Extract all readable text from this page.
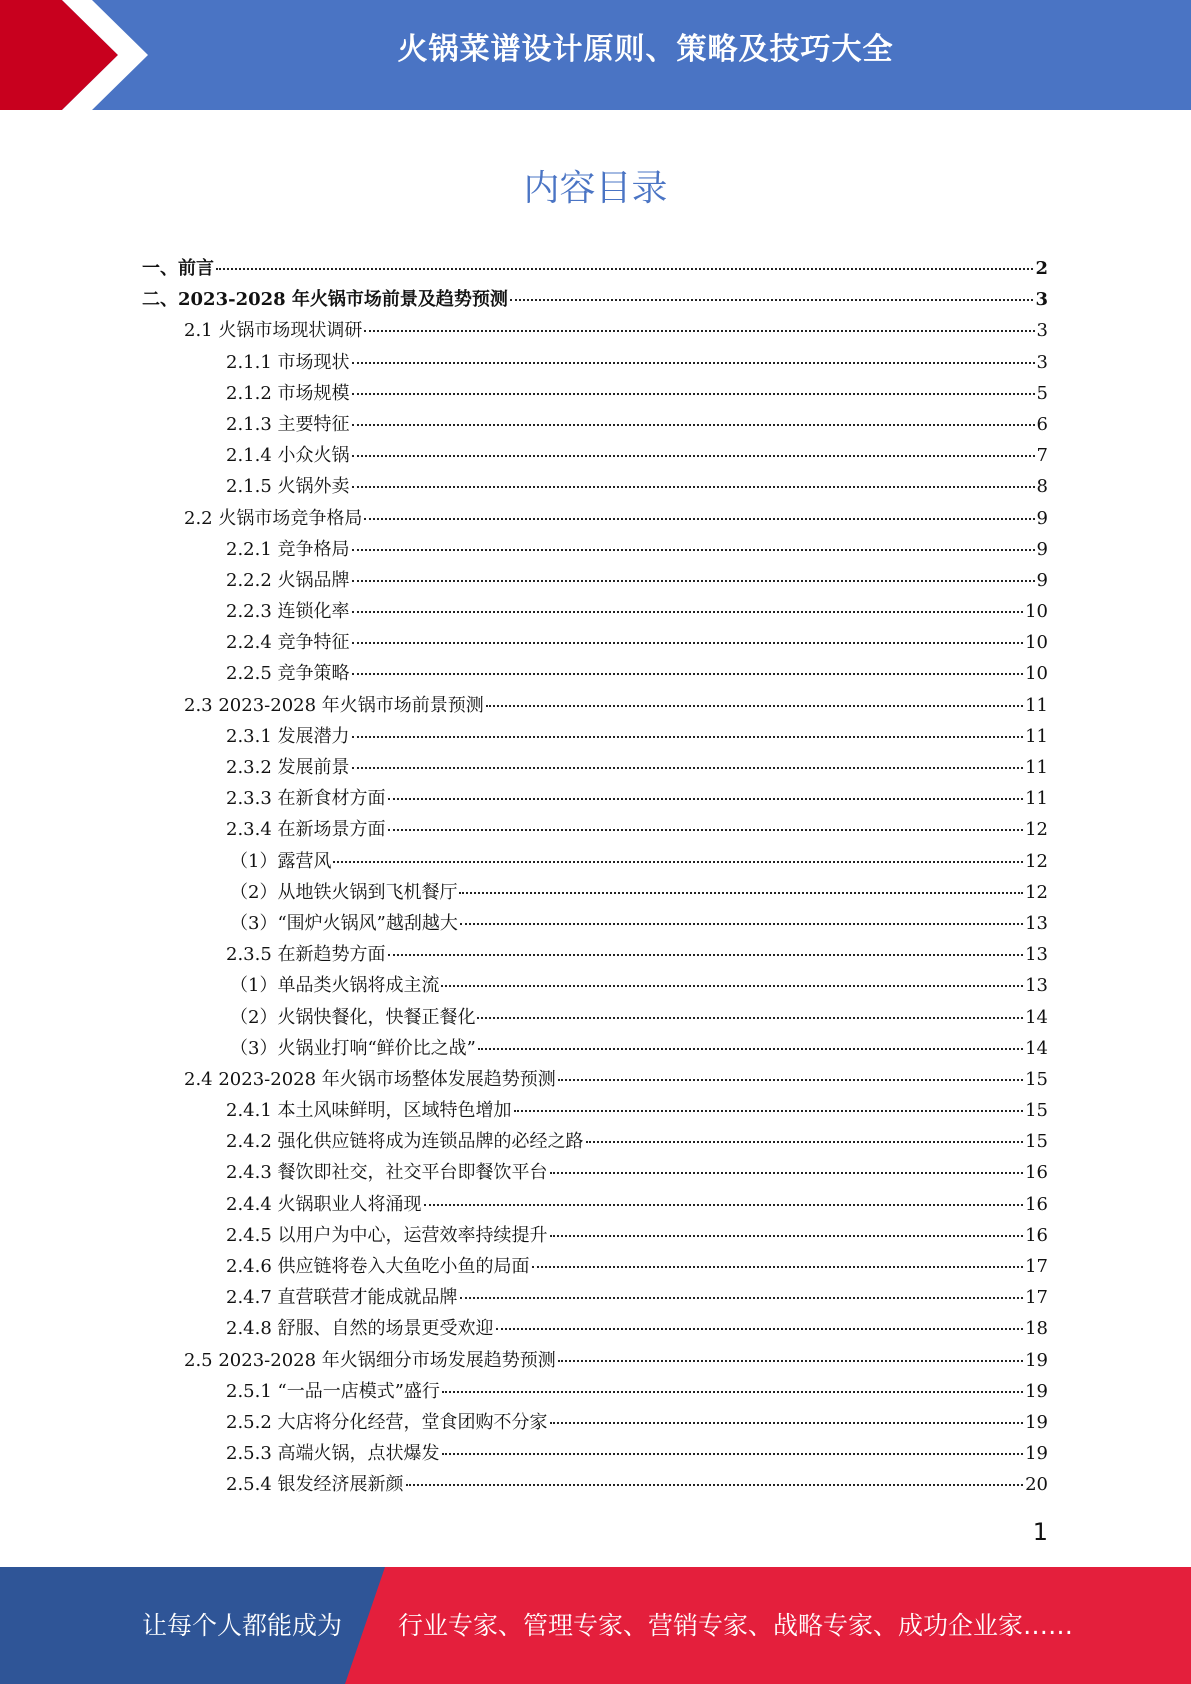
火锅菜谱设计原则、策略及技巧大全
内容目录
一、前言	2
二、2023-2028 年火锅市场前景及趋势预测	3
2.1 火锅市场现状调研	3
2.1.1 市场现状	3
2.1.2 市场规模	5
2.1.3 主要特征	6
2.1.4 小众火锅	7
2.1.5 火锅外卖	8
2.2 火锅市场竞争格局	9
2.2.1 竞争格局	9
2.2.2 火锅品牌	9
2.2.3 连锁化率	10
2.2.4 竞争特征	10
2.2.5 竞争策略	10
2.3 2023-2028 年火锅市场前景预测	11
2.3.1 发展潜力	11
2.3.2 发展前景	11
2.3.3 在新食材方面	11
2.3.4 在新场景方面	12
（1）露营风	12
（2）从地铁火锅到飞机餐厅	12
（3）“围炉火锅风”越刮越大	13
2.3.5 在新趋势方面	13
（1）单品类火锅将成主流	13
（2）火锅快餐化，快餐正餐化	14
（3）火锅业打响“鲜价比之战”	14
2.4 2023-2028 年火锅市场整体发展趋势预测	15
2.4.1 本土风味鲜明，区域特色增加	15
2.4.2 强化供应链将成为连锁品牌的必经之路	15
2.4.3 餐饮即社交，社交平台即餐饮平台	16
2.4.4 火锅职业人将涌现	16
2.4.5 以用户为中心，运营效率持续提升	16
2.4.6 供应链将卷入大鱼吃小鱼的局面	17
2.4.7 直营联营才能成就品牌	17
2.4.8 舒服、自然的场景更受欢迎	18
2.5 2023-2028 年火锅细分市场发展趋势预测	19
2.5.1 “一品一店模式”盛行	19
2.5.2 大店将分化经营，堂食团购不分家	19
2.5.3 高端火锅，点状爆发	19
2.5.4 银发经济展新颜	20
1
让每个人都能成为 行业专家、管理专家、营销专家、战略专家、成功企业家……
